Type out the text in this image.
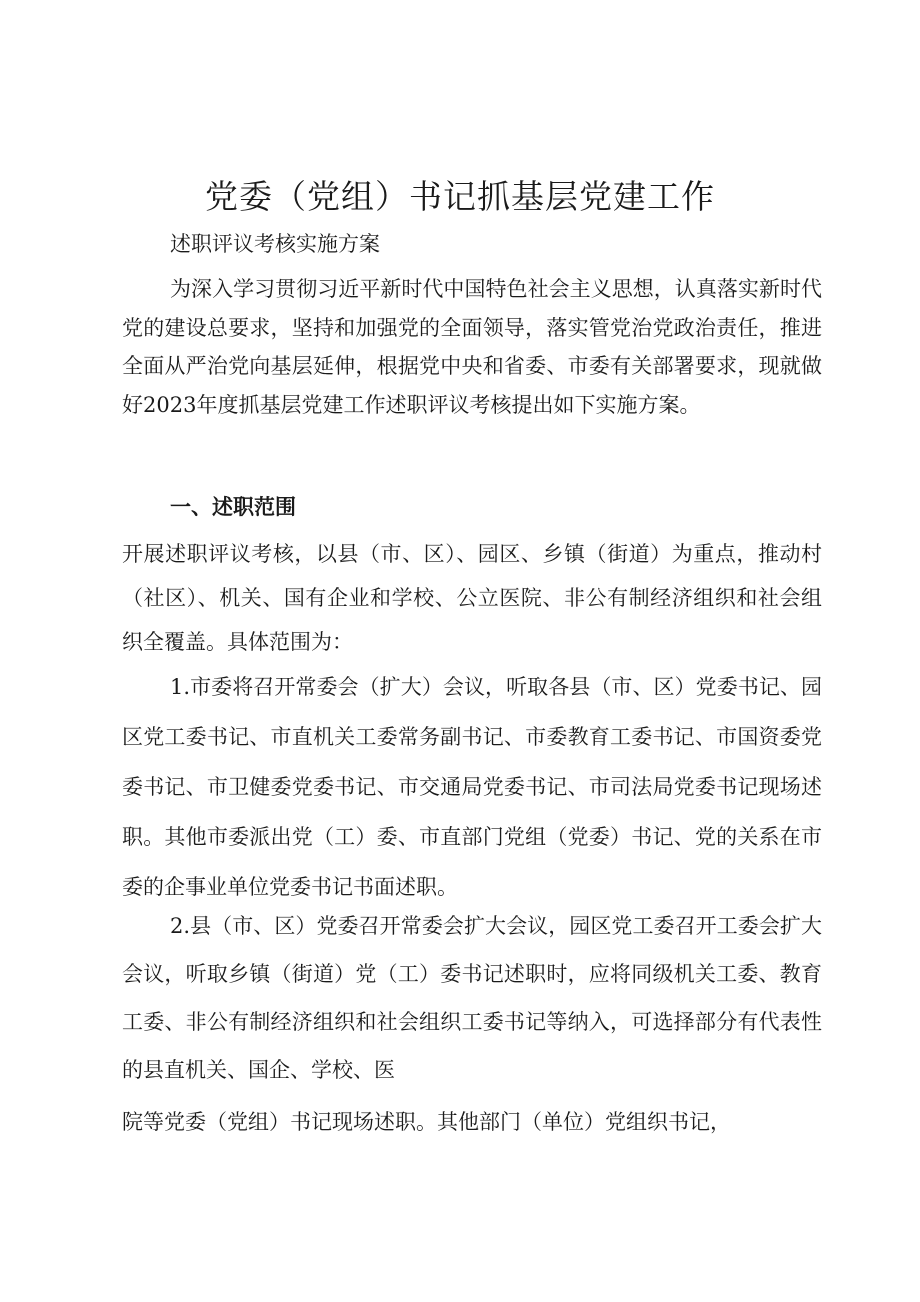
党委（党组）书记抓基层党建工作

述职评议考核实施方案

为深入学习贯彻习近平新时代中国特色社会主义思想，认真落实新时代党的建设总要求，坚持和加强党的全面领导，落实管党治党政治责任，推进全面从严治党向基层延伸，根据党中央和省委、市委有关部署要求，现就做好2023年度抓基层党建工作述职评议考核提出如下实施方案。

一、述职范围

开展述职评议考核，以县（市、区）、园区、乡镇（街道）为重点，推动村（社区）、机关、国有企业和学校、公立医院、非公有制经济组织和社会组织全覆盖。具体范围为：

1.市委将召开常委会（扩大）会议，听取各县（市、区）党委书记、园区党工委书记、市直机关工委常务副书记、市委教育工委书记、市国资委党委书记、市卫健委党委书记、市交通局党委书记、市司法局党委书记现场述职。其他市委派出党（工）委、市直部门党组（党委）书记、党的关系在市委的企事业单位党委书记书面述职。

2.县（市、区）党委召开常委会扩大会议，园区党工委召开工委会扩大会议，听取乡镇（街道）党（工）委书记述职时，应将同级机关工委、教育工委、非公有制经济组织和社会组织工委书记等纳入，可选择部分有代表性的县直机关、国企、学校、医

院等党委（党组）书记现场述职。其他部门（单位）党组织书记，
